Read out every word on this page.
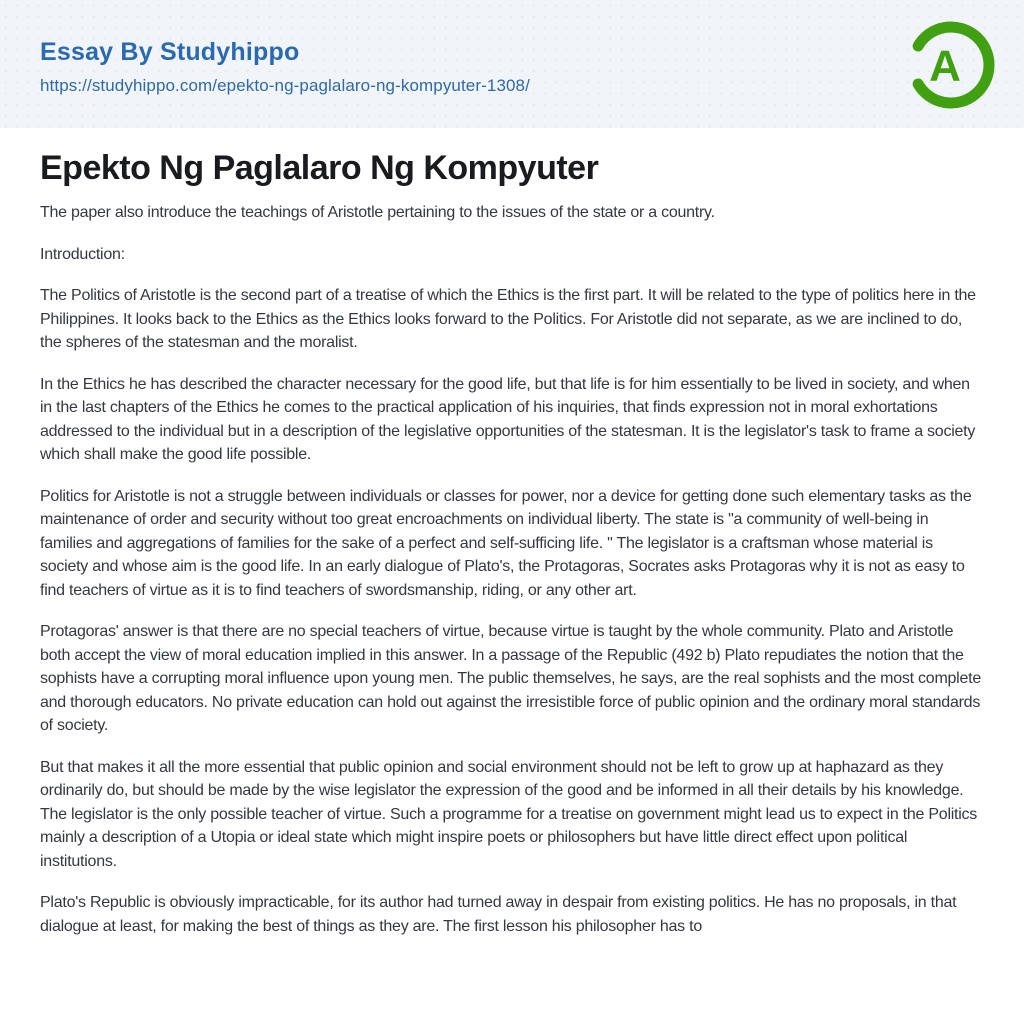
Essay By Studyhippo
https://studyhippo.com/epekto-ng-paglalaro-ng-kompyuter-1308/	A
Epekto Ng Paglalaro Ng Kompyuter

The paper also introduce the teachings of Aristotle pertaining to the issues of the state or a country.

Introduction:

The Politics of Aristotle is the second part of a treatise of which the Ethics is the first part. It will be related to the type of politics here in the Philippines. It looks back to the Ethics as the Ethics looks forward to the Politics. For Aristotle did not separate, as we are inclined to do, the spheres of the statesman and the moralist.

In the Ethics he has described the character necessary for the good life, but that life is for him essentially to be lived in society, and when in the last chapters of the Ethics he comes to the practical application of his inquiries, that finds expression not in moral exhortations addressed to the individual but in a description of the legislative opportunities of the statesman. It is the legislator's task to frame a society which shall make the good life possible.

Politics for Aristotle is not a struggle between individuals or classes for power, nor a device for getting done such elementary tasks as the maintenance of order and security without too great encroachments on individual liberty. The state is "a community of well-being in families and aggregations of families for the sake of a perfect and self-sufficing life. " The legislator is a craftsman whose material is society and whose aim is the good life. In an early dialogue of Plato's, the Protagoras, Socrates asks Protagoras why it is not as easy to find teachers of virtue as it is to find teachers of swordsmanship, riding, or any other art.

Protagoras' answer is that there are no special teachers of virtue, because virtue is taught by the whole community. Plato and Aristotle both accept the view of moral education implied in this answer. In a passage of the Republic (492 b) Plato repudiates the notion that the sophists have a corrupting moral influence upon young men. The public themselves, he says, are the real sophists and the most complete and thorough educators. No private education can hold out against the irresistible force of public opinion and the ordinary moral standards of society.

But that makes it all the more essential that public opinion and social environment should not be left to grow up at haphazard as they ordinarily do, but should be made by the wise legislator the expression of the good and be informed in all their details by his knowledge. The legislator is the only possible teacher of virtue. Such a programme for a treatise on government might lead us to expect in the Politics mainly a description of a Utopia or ideal state which might inspire poets or philosophers but have little direct effect upon political institutions.

Plato's Republic is obviously impracticable, for its author had turned away in despair from existing politics. He has no proposals, in that dialogue at least, for making the best of things as they are. The first lesson his philosopher has to
